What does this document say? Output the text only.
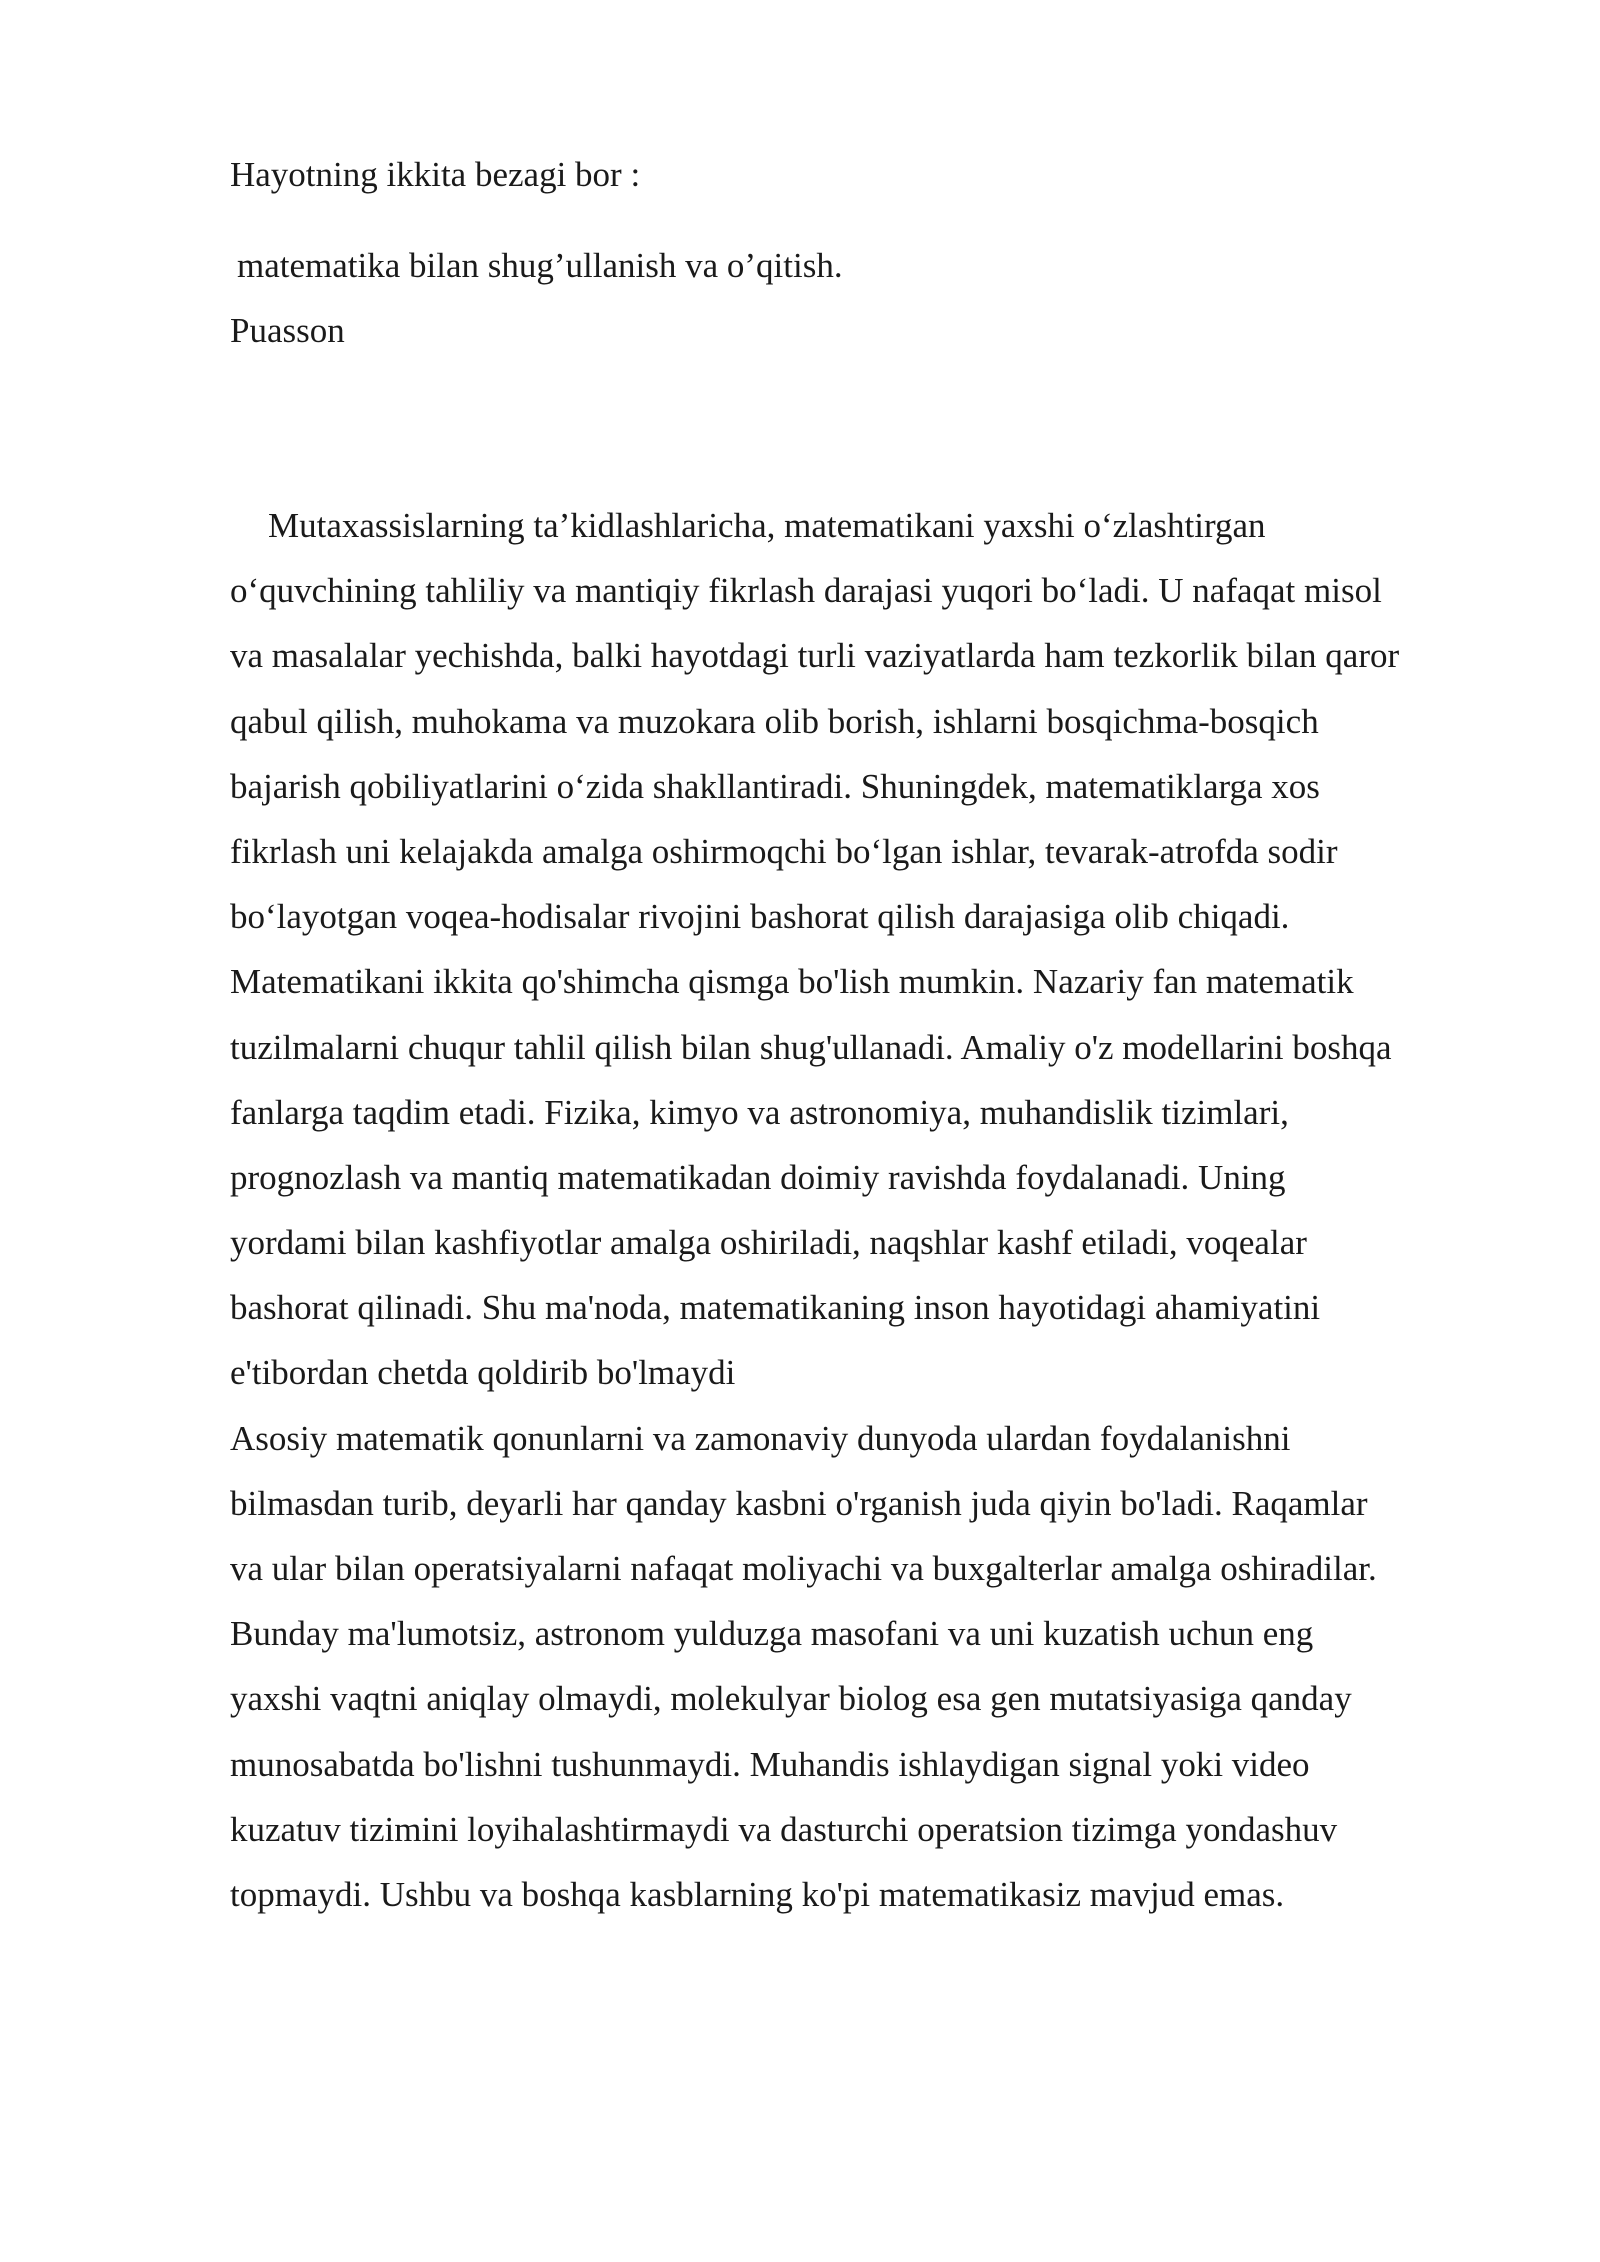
Hayotning ikkita bezagi bor :
matematika bilan shug’ullanish va o’qitish.
Puasson
Mutaxassislarning ta’kidlashlaricha, matematikani yaxshi o‘zlashtirgan
o‘quvchining tahliliy va mantiqiy fikrlash darajasi yuqori bo‘ladi. U nafaqat misol
va masalalar yechishda, balki hayotdagi turli vaziyatlarda ham tezkorlik bilan qaror
qabul qilish, muhokama va muzokara olib borish, ishlarni bosqichma-bosqich
bajarish qobiliyatlarini o‘zida shakllantiradi. Shuningdek, matematiklarga xos
fikrlash uni kelajakda amalga oshirmoqchi bo‘lgan ishlar, tevarak-atrofda sodir
bo‘layotgan voqea-hodisalar rivojini bashorat qilish darajasiga olib chiqadi.
Matematikani ikkita qo'shimcha qismga bo'lish mumkin. Nazariy fan matematik
tuzilmalarni chuqur tahlil qilish bilan shug'ullanadi. Amaliy o'z modellarini boshqa
fanlarga taqdim etadi. Fizika, kimyo va astronomiya, muhandislik tizimlari,
prognozlash va mantiq matematikadan doimiy ravishda foydalanadi. Uning
yordami bilan kashfiyotlar amalga oshiriladi, naqshlar kashf etiladi, voqealar
bashorat qilinadi. Shu ma'noda, matematikaning inson hayotidagi ahamiyatini
e'tibordan chetda qoldirib bo'lmaydi
Asosiy matematik qonunlarni va zamonaviy dunyoda ulardan foydalanishni
bilmasdan turib, deyarli har qanday kasbni o'rganish juda qiyin bo'ladi. Raqamlar
va ular bilan operatsiyalarni nafaqat moliyachi va buxgalterlar amalga oshiradilar.
Bunday ma'lumotsiz, astronom yulduzga masofani va uni kuzatish uchun eng
yaxshi vaqtni aniqlay olmaydi, molekulyar biolog esa gen mutatsiyasiga qanday
munosabatda bo'lishni tushunmaydi. Muhandis ishlaydigan signal yoki video
kuzatuv tizimini loyihalashtirmaydi va dasturchi operatsion tizimga yondashuv
topmaydi. Ushbu va boshqa kasblarning ko'pi matematikasiz mavjud emas.
